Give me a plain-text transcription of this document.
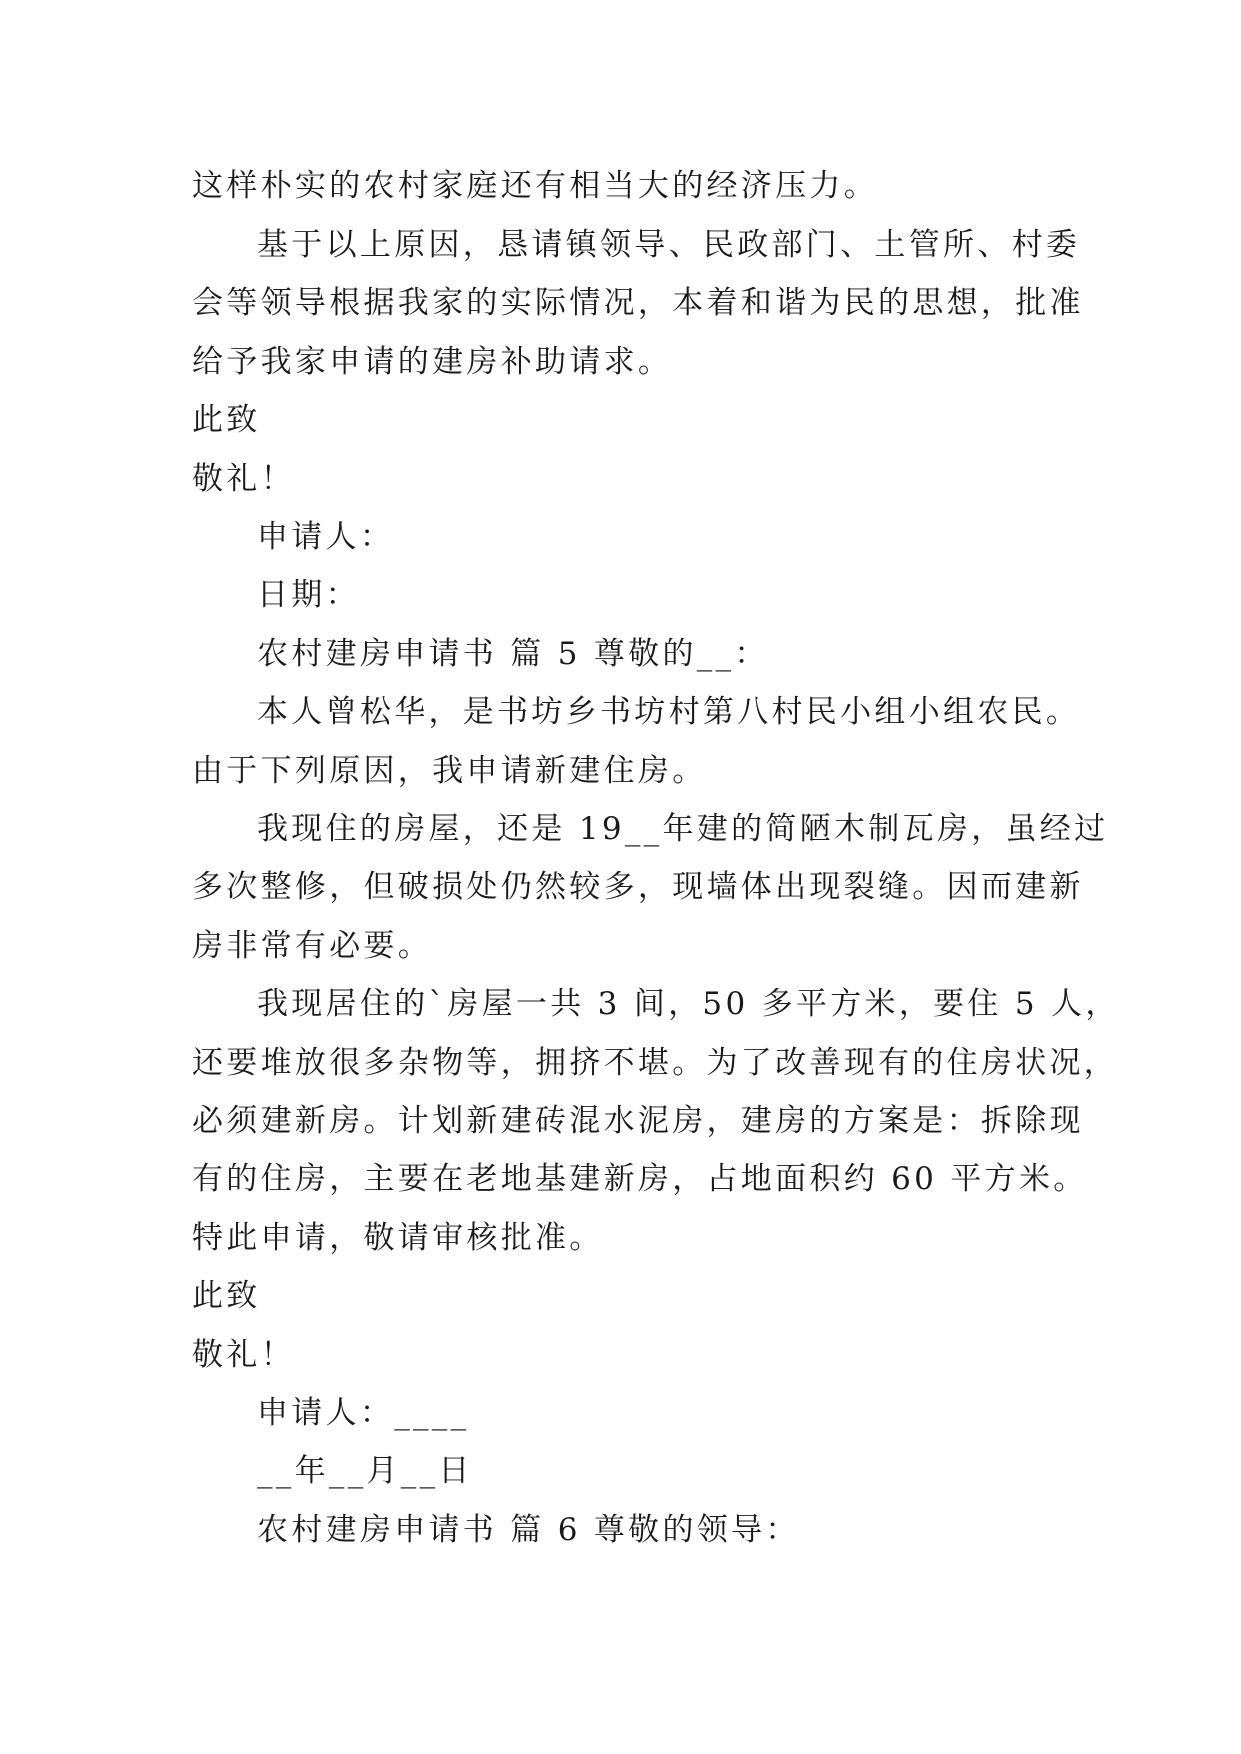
这样朴实的农村家庭还有相当大的经济压力。
基于以上原因，恳请镇领导、民政部门、土管所、村委
会等领导根据我家的实际情况，本着和谐为民的思想，批准
给予我家申请的建房补助请求。
此致
敬礼！
申请人：
日期：
农村建房申请书 篇 5 尊敬的__：
本人曾松华，是书坊乡书坊村第八村民小组小组农民。
由于下列原因，我申请新建住房。
我现住的房屋，还是 19__年建的简陋木制瓦房，虽经过
多次整修，但破损处仍然较多，现墙体出现裂缝。因而建新
房非常有必要。
我现居住的`房屋一共 3 间，50 多平方米，要住 5 人，
还要堆放很多杂物等，拥挤不堪。为了改善现有的住房状况，
必须建新房。计划新建砖混水泥房，建房的方案是：拆除现
有的住房，主要在老地基建新房，占地面积约 60 平方米。
特此申请，敬请审核批准。
此致
敬礼！
申请人：____
__年__月__日
农村建房申请书 篇 6 尊敬的领导：
